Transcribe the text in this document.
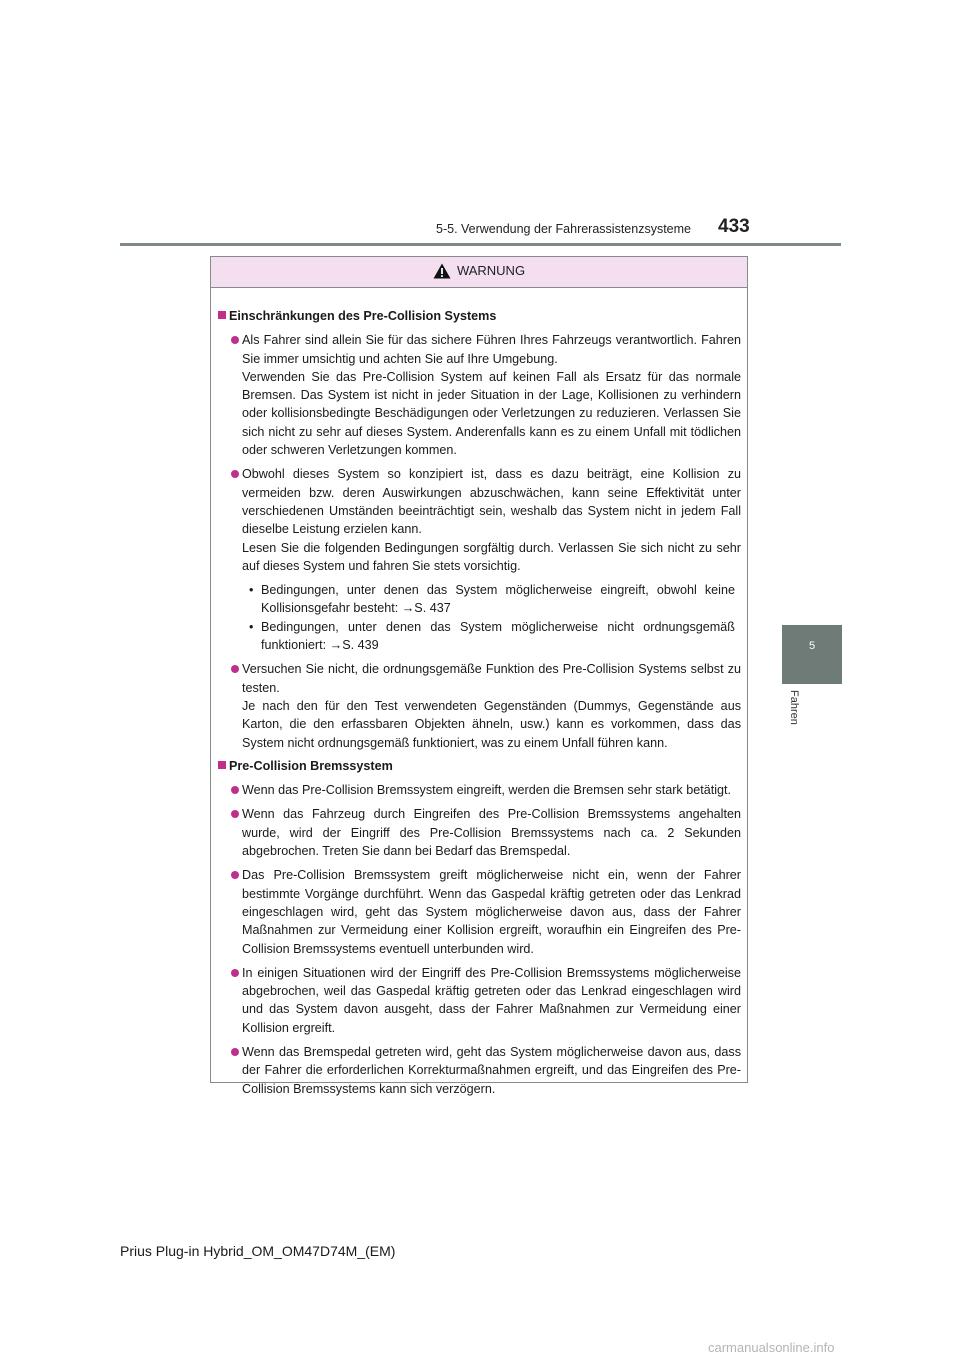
5-5. Verwendung der Fahrerassistenzsysteme 433
5
Fahren
WARNUNG
Einschränkungen des Pre-Collision Systems

Als Fahrer sind allein Sie für das sichere Führen Ihres Fahrzeugs verantwortlich. Fahren Sie immer umsichtig und achten Sie auf Ihre Umgebung.

Verwenden Sie das Pre-Collision System auf keinen Fall als Ersatz für das normale Bremsen. Das System ist nicht in jeder Situation in der Lage, Kollisionen zu verhindern oder kollisionsbedingte Beschädigungen oder Verletzungen zu reduzieren. Verlassen Sie sich nicht zu sehr auf dieses System. Anderenfalls kann es zu einem Unfall mit tödlichen oder schweren Verletzungen kommen.

Obwohl dieses System so konzipiert ist, dass es dazu beiträgt, eine Kollision zu vermeiden bzw. deren Auswirkungen abzuschwächen, kann seine Effektivität unter verschiedenen Umständen beeinträchtigt sein, weshalb das System nicht in jedem Fall dieselbe Leistung erzielen kann.

Lesen Sie die folgenden Bedingungen sorgfältig durch. Verlassen Sie sich nicht zu sehr auf dieses System und fahren Sie stets vorsichtig.

• Bedingungen, unter denen das System möglicherweise eingreift, obwohl keine Kollisionsgefahr besteht: →S. 437
• Bedingungen, unter denen das System möglicherweise nicht ordnungsgemäß funktioniert: →S. 439

Versuchen Sie nicht, die ordnungsgemäße Funktion des Pre-Collision Systems selbst zu testen.

Je nach den für den Test verwendeten Gegenständen (Dummys, Gegenstände aus Karton, die den erfassbaren Objekten ähneln, usw.) kann es vorkommen, dass das System nicht ordnungsgemäß funktioniert, was zu einem Unfall führen kann.

Pre-Collision Bremssystem

Wenn das Pre-Collision Bremssystem eingreift, werden die Bremsen sehr stark betätigt.

Wenn das Fahrzeug durch Eingreifen des Pre-Collision Bremssystems angehalten wurde, wird der Eingriff des Pre-Collision Bremssystems nach ca. 2 Sekunden abgebrochen. Treten Sie dann bei Bedarf das Bremspedal.

Das Pre-Collision Bremssystem greift möglicherweise nicht ein, wenn der Fahrer bestimmte Vorgänge durchführt. Wenn das Gaspedal kräftig getreten oder das Lenkrad eingeschlagen wird, geht das System möglicherweise davon aus, dass der Fahrer Maßnahmen zur Vermeidung einer Kollision ergreift, woraufhin ein Eingreifen des Pre-Collision Bremssystems eventuell unterbunden wird.

In einigen Situationen wird der Eingriff des Pre-Collision Bremssystems möglicherweise abgebrochen, weil das Gaspedal kräftig getreten oder das Lenkrad eingeschlagen wird und das System davon ausgeht, dass der Fahrer Maßnahmen zur Vermeidung einer Kollision ergreift.

Wenn das Bremspedal getreten wird, geht das System möglicherweise davon aus, dass der Fahrer die erforderlichen Korrekturmaßnahmen ergreift, und das Eingreifen des Pre-Collision Bremssystems kann sich verzögern.

Prius Plug-in Hybrid_OM_OM47D74M_(EM)
carmanualsonline.info
